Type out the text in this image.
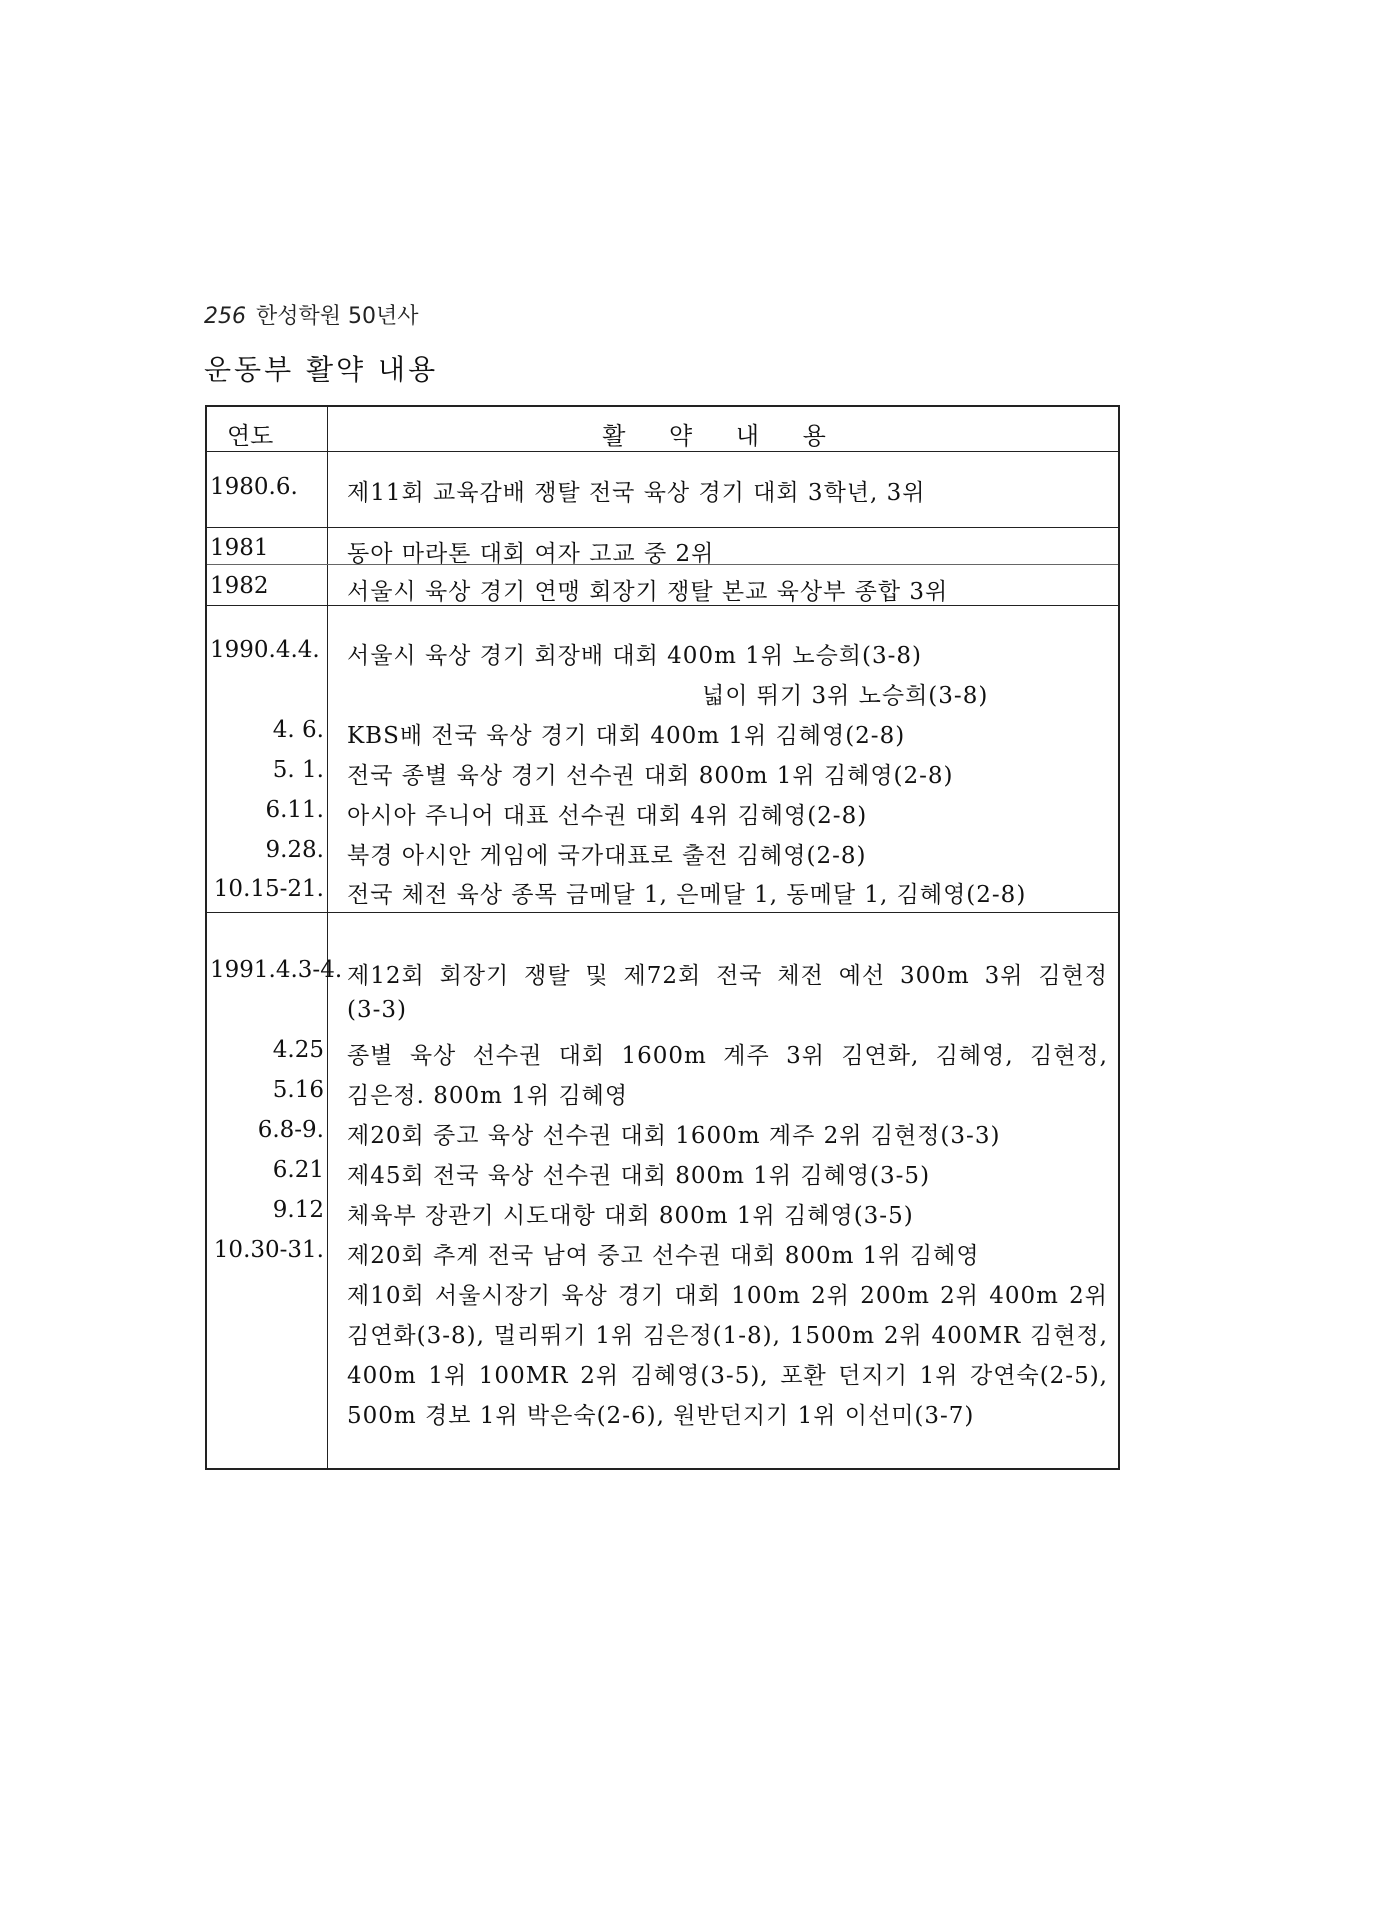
256 한성학원 50년사
운동부 활약 내용
연도	활 약 내 용
1980.6.	제11회 교육감배 쟁탈 전국 육상 경기 대회 3학년, 3위
1981	동아 마라톤 대회 여자 고교 중 2위
1982	서울시 육상 경기 연맹 회장기 쟁탈 본교 육상부 종합 3위
1990.4.4.	서울시 육상 경기 회장배 대회 400m 1위 노승희(3-8)
넓이 뛰기 3위 노승희(3-8)
4. 6. KBS배 전국 육상 경기 대회 400m 1위 김혜영(2-8)
5. 1. 전국 종별 육상 경기 선수권 대회 800m 1위 김혜영(2-8)
6.11. 아시아 주니어 대표 선수권 대회 4위 김혜영(2-8)
9.28. 북경 아시안 게임에 국가대표로 출전 김혜영(2-8)
10.15-21. 전국 체전 육상 종목 금메달 1, 은메달 1, 동메달 1, 김혜영(2-8)
1991.4.3-4. 제12회 회장기 쟁탈 및 제72회 전국 체전 예선 300m 3위 김현정
(3-3)
4.25 종별 육상 선수권 대회 1600m 계주 3위 김연화, 김혜영, 김현정,
5.16 김은정. 800m 1위 김혜영
6.8-9. 제20회 중고 육상 선수권 대회 1600m 계주 2위 김현정(3-3)
6.21 제45회 전국 육상 선수권 대회 800m 1위 김혜영(3-5)
9.12 체육부 장관기 시도대항 대회 800m 1위 김혜영(3-5)
10.30-31. 제20회 추계 전국 남여 중고 선수권 대회 800m 1위 김혜영
제10회 서울시장기 육상 경기 대회 100m 2위 200m 2위 400m 2위
김연화(3-8), 멀리뛰기 1위 김은정(1-8), 1500m 2위 400MR 김현정,
400m 1위 100MR 2위 김혜영(3-5), 포환 던지기 1위 강연숙(2-5),
500m 경보 1위 박은숙(2-6), 원반던지기 1위 이선미(3-7)
